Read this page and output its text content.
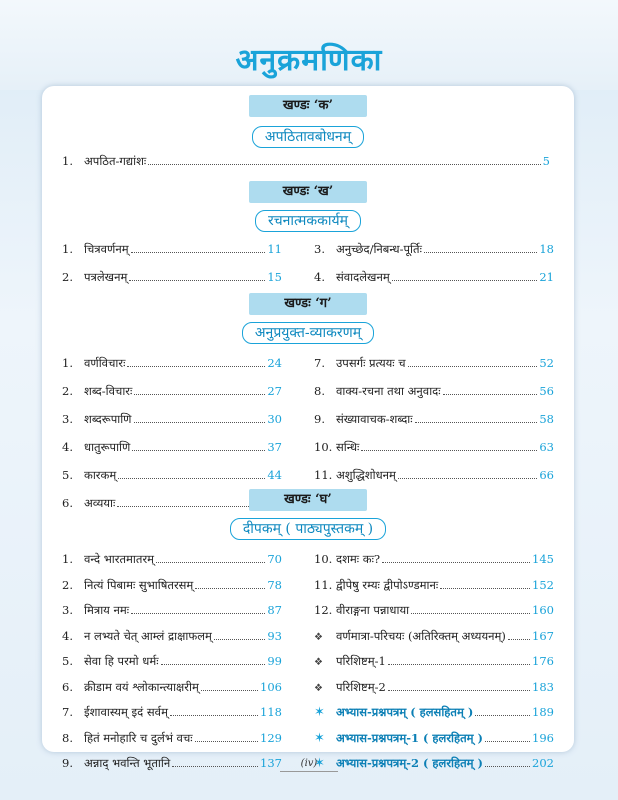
अनुक्रमणिका
खण्डः ‘क’
अपठितावबोधनम्
1. अपठित-गद्यांशः	5
खण्डः ‘ख’
रचनात्मककार्यम्
1. चित्रवर्णनम्	11
2. पत्रलेखनम्	15
3. अनुच्छेद/निबन्ध-पूर्तिः	18
4. संवादलेखनम्	21
खण्डः ‘ग’
अनुप्रयुक्त-व्याकरणम्
1. वर्णविचारः	24
2. शब्द-विचारः	27
3. शब्दरूपाणि	30
4. धातुरूपाणि	37
5. कारकम्	44
6. अव्ययाः
7. उपसर्गः प्रत्ययः च	52
8. वाक्य-रचना तथा अनुवादः	56
9. संख्यावाचक-शब्दाः	58
10. सन्धिः	63
11. अशुद्धिशोधनम्	66
खण्डः ‘घ’
दीपकम् ( पाठ्यपुस्तकम् )
1. वन्दे भारतमातरम्	70
2. नित्यं पिबामः सुभाषितरसम्	78
3. मित्राय नमः	87
4. न लभ्यते चेत् आम्लं द्राक्षाफलम्	93
5. सेवा हि परमो धर्मः	99
6. क्रीडाम वयं श्लोकान्त्याक्षरीम्	106
7. ईशावास्यम् इदं सर्वम्	118
8. हितं मनोहारि च दुर्लभं वचः	129
9. अन्नाद् भवन्ति भूतानि	137
10. दशमः कः?	145
11. द्वीपेषु रम्यः द्वीपोऽण्डमानः	152
12. वीराङ्गना पन्नाधाया	160
❖	वर्णमात्रा-परिचयः (अतिरिक्तम् अध्ययनम्) 167
❖	परिशिष्टम्-1	176
❖	परिशिष्टम्-2	183
✶ अभ्यास-प्रश्नपत्रम् ( हलसहितम् )	189
✶ अभ्यास-प्रश्नपत्रम्-1 ( हलरहितम् )	196
✶ अभ्यास-प्रश्नपत्रम्-2 ( हलरहितम् )	202
(iv)
